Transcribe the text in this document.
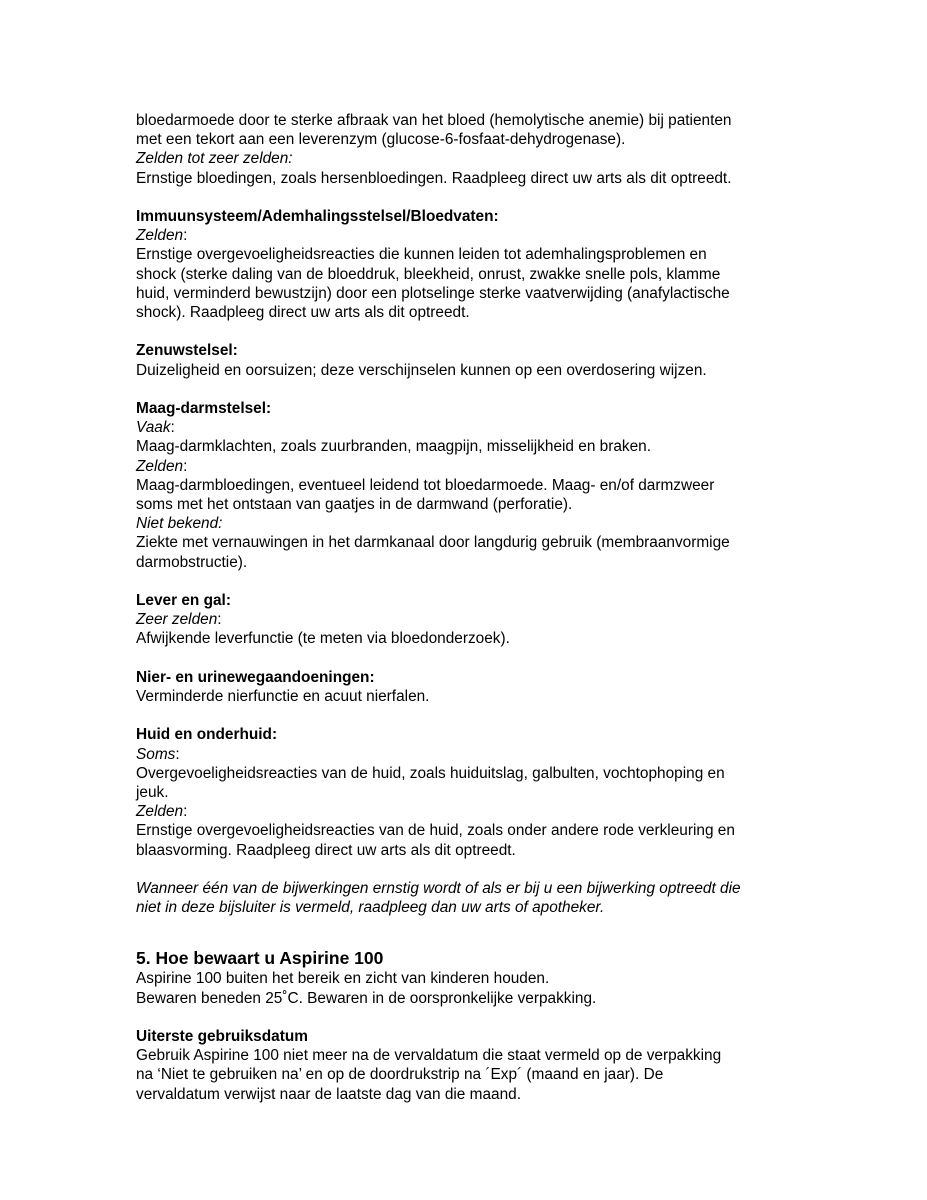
bloedarmoede door te sterke afbraak van het bloed (hemolytische anemie) bij patienten
met een tekort aan een leverenzym (glucose-6-fosfaat-dehydrogenase).
Zelden tot zeer zelden:
Ernstige bloedingen, zoals hersenbloedingen. Raadpleeg direct uw arts als dit optreedt.
Immuunsysteem/Ademhalingsstelsel/Bloedvaten:
Zelden:
Ernstige overgevoeligheidsreacties die kunnen leiden tot ademhalingsproblemen en
shock (sterke daling van de bloeddruk, bleekheid, onrust, zwakke snelle pols, klamme
huid, verminderd bewustzijn) door een plotselinge sterke vaatverwijding (anafylactische
shock). Raadpleeg direct uw arts als dit optreedt.
Zenuwstelsel:
Duizeligheid en oorsuizen; deze verschijnselen kunnen op een overdosering wijzen.
Maag-darmstelsel:
Vaak:
Maag-darmklachten, zoals zuurbranden, maagpijn, misselijkheid en braken.
Zelden:
Maag-darmbloedingen, eventueel leidend tot bloedarmoede. Maag- en/of darmzweer
soms met het ontstaan van gaatjes in de darmwand (perforatie).
Niet bekend:
Ziekte met vernauwingen in het darmkanaal door langdurig gebruik (membraanvormige
darmobstructie).
Lever en gal:
Zeer zelden:
Afwijkende leverfunctie (te meten via bloedonderzoek).
Nier- en urinewegaandoeningen:
Verminderde nierfunctie en acuut nierfalen.
Huid en onderhuid:
Soms:
Overgevoeligheidsreacties van de huid, zoals huiduitslag, galbulten, vochtophoping en
jeuk.
Zelden:
Ernstige overgevoeligheidsreacties van de huid, zoals onder andere rode verkleuring en
blaasvorming. Raadpleeg direct uw arts als dit optreedt.
Wanneer één van de bijwerkingen ernstig wordt of als er bij u een bijwerking optreedt die
niet in deze bijsluiter is vermeld, raadpleeg dan uw arts of apotheker.
5. Hoe bewaart u Aspirine 100
Aspirine 100 buiten het bereik en zicht van kinderen houden.
Bewaren beneden 25˚C. Bewaren in de oorspronkelijke verpakking.
Uiterste gebruiksdatum
Gebruik Aspirine 100 niet meer na de vervaldatum die staat vermeld op de verpakking
na ‘Niet te gebruiken na’ en op de doordrukstrip na ´Exp´ (maand en jaar). De
vervaldatum verwijst naar de laatste dag van die maand.
